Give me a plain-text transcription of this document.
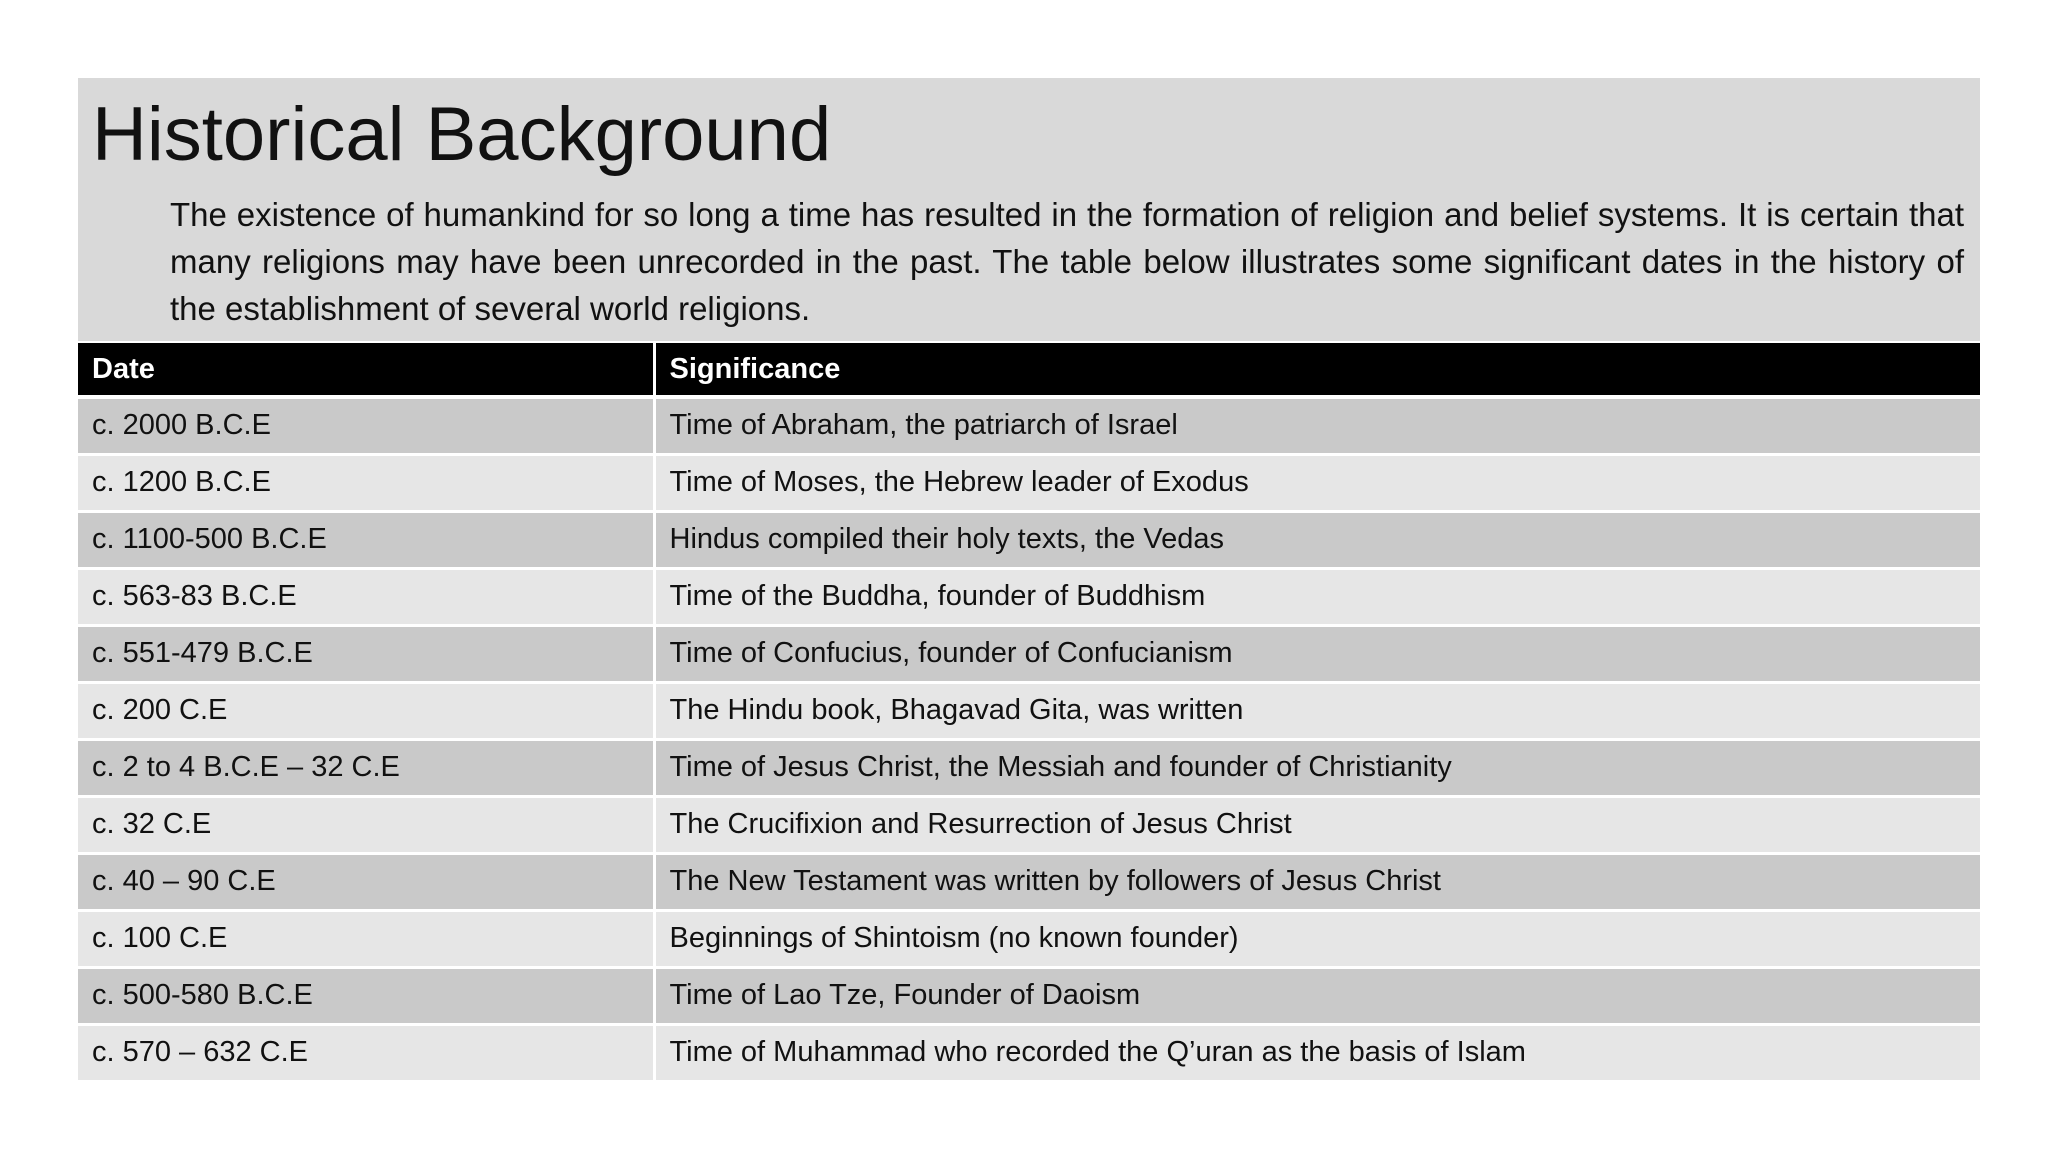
Historical Background

The existence of humankind for so long a time has resulted in the formation of religion and belief systems. It is certain that many religions may have been unrecorded in the past. The table below illustrates some significant dates in the history of the establishment of several world religions.

Date	Significance
c. 2000 B.C.E	Time of Abraham, the patriarch of Israel
c. 1200 B.C.E	Time of Moses, the Hebrew leader of Exodus
c. 1100-500 B.C.E	Hindus compiled their holy texts, the Vedas
c. 563-83 B.C.E	Time of the Buddha, founder of Buddhism
c. 551-479 B.C.E	Time of Confucius, founder of Confucianism
c. 200 C.E	The Hindu book, Bhagavad Gita, was written
c. 2 to 4 B.C.E – 32 C.E	Time of Jesus Christ, the Messiah and founder of Christianity
c. 32 C.E	The Crucifixion and Resurrection of Jesus Christ
c. 40 – 90 C.E	The New Testament was written by followers of Jesus Christ
c. 100 C.E	Beginnings of Shintoism (no known founder)
c. 500-580 B.C.E	Time of Lao Tze, Founder of Daoism
c. 570 – 632 C.E	Time of Muhammad who recorded the Q’uran as the basis of Islam
